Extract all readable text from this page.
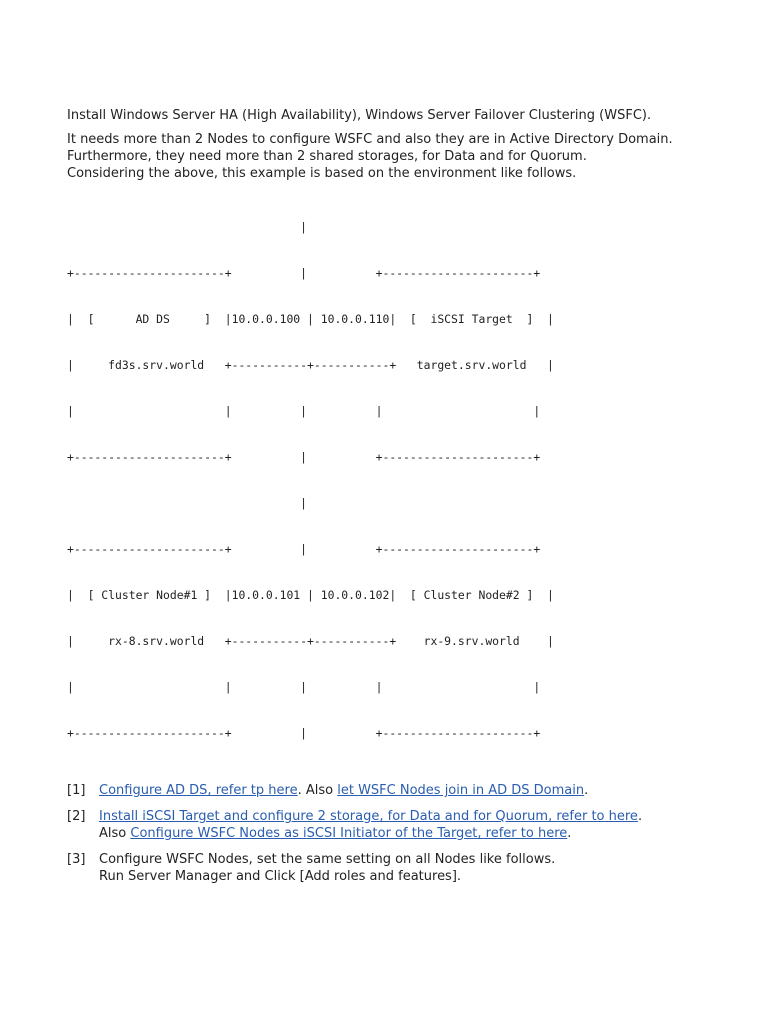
Install Windows Server HA (High Availability), Windows Server Failover Clustering (WSFC).

It needs more than 2 Nodes to configure WSFC and also they are in Active Directory Domain.
Furthermore, they need more than 2 shared storages, for Data and for Quorum.
Considering the above, this example is based on the environment like follows.

|

+----------------------+          |          +----------------------+

|  [      AD DS     ]  |10.0.0.100 | 10.0.0.110|  [  iSCSI Target  ]  |

|     fd3s.srv.world   +-----------+-----------+   target.srv.world   |

|                      |          |          |                      |

+----------------------+          |          +----------------------+

|

+----------------------+          |          +----------------------+

|  [ Cluster Node#1 ]  |10.0.0.101 | 10.0.0.102|  [ Cluster Node#2 ]  |

|     rx-8.srv.world   +-----------+-----------+    rx-9.srv.world    |

|                      |          |          |                      |

+----------------------+          |          +----------------------+

[1]	Configure AD DS, refer tp here. Also let WSFC Nodes join in AD DS Domain.
[2]	Install iSCSI Target and configure 2 storage, for Data and for Quorum, refer to here.
Also Configure WSFC Nodes as iSCSI Initiator of the Target, refer to here.
[3]	Configure WSFC Nodes, set the same setting on all Nodes like follows.
Run Server Manager and Click [Add roles and features].
